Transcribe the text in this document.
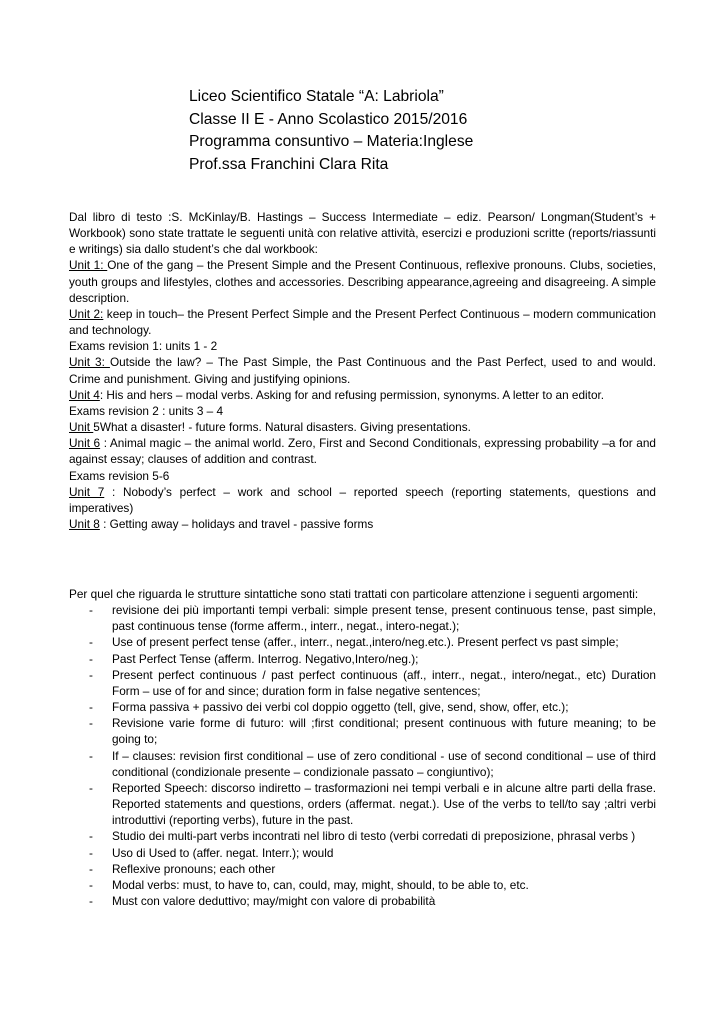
Liceo Scientifico Statale “A: Labriola”
Classe II E - Anno Scolastico 2015/2016
Programma consuntivo – Materia:Inglese
Prof.ssa Franchini Clara Rita

Dal libro di testo :S. McKinlay/B. Hastings – Success Intermediate – ediz. Pearson/ Longman(Student’s + Workbook) sono state trattate le seguenti unità con relative attività, esercizi e produzioni scritte (reports/riassunti e writings) sia dallo student’s che dal workbook:

Unit 1: One of the gang – the Present Simple and the Present Continuous, reflexive pronouns. Clubs, societies, youth groups and lifestyles, clothes and accessories. Describing appearance,agreeing and disagreeing. A simple description.

Unit 2: keep in touch– the Present Perfect Simple and the Present Perfect Continuous – modern communication and technology.

Exams revision 1: units 1 - 2

Unit 3: Outside the law? – The Past Simple, the Past Continuous and the Past Perfect, used to and would. Crime and punishment. Giving and justifying opinions.

Unit 4: His and hers – modal verbs. Asking for and refusing permission, synonyms. A letter to an editor.

Exams revision 2 : units 3 – 4

Unit 5What a disaster! - future forms. Natural disasters. Giving presentations.

Unit 6 : Animal magic – the animal world. Zero, First and Second Conditionals, expressing probability –a for and against essay; clauses of addition and contrast.

Exams revision 5-6

Unit 7 : Nobody’s perfect – work and school – reported speech (reporting statements, questions and imperatives)

Unit 8 : Getting away – holidays and travel - passive forms

Per quel che riguarda le strutture sintattiche sono stati trattati con particolare attenzione i seguenti argomenti:

- revisione dei più importanti tempi verbali: simple present tense, present continuous tense, past simple, past continuous tense (forme afferm., interr., negat., intero-negat.);
- Use of present perfect tense (affer., interr., negat.,intero/neg.etc.). Present perfect vs past simple;
- Past Perfect Tense (afferm. Interrog. Negativo,Intero/neg.);
- Present perfect continuous / past perfect continuous (aff., interr., negat., intero/negat., etc) Duration Form – use of for and since; duration form in false negative sentences;
- Forma passiva + passivo dei verbi col doppio oggetto (tell, give, send, show, offer, etc.);
- Revisione varie forme di futuro: will ;first conditional; present continuous with future meaning; to be going to;
- If – clauses: revision first conditional – use of zero conditional - use of second conditional – use of third conditional (condizionale presente – condizionale passato – congiuntivo);
- Reported Speech: discorso indiretto – trasformazioni nei tempi verbali e in alcune altre parti della frase. Reported statements and questions, orders (affermat. negat.). Use of the verbs to tell/to say ;altri verbi introduttivi (reporting verbs), future in the past.
- Studio dei multi-part verbs incontrati nel libro di testo (verbi corredati di preposizione, phrasal verbs )
- Uso di Used to (affer. negat. Interr.); would
- Reflexive pronouns; each other
- Modal verbs: must, to have to, can, could, may, might, should, to be able to, etc.
- Must con valore deduttivo; may/might con valore di probabilità
